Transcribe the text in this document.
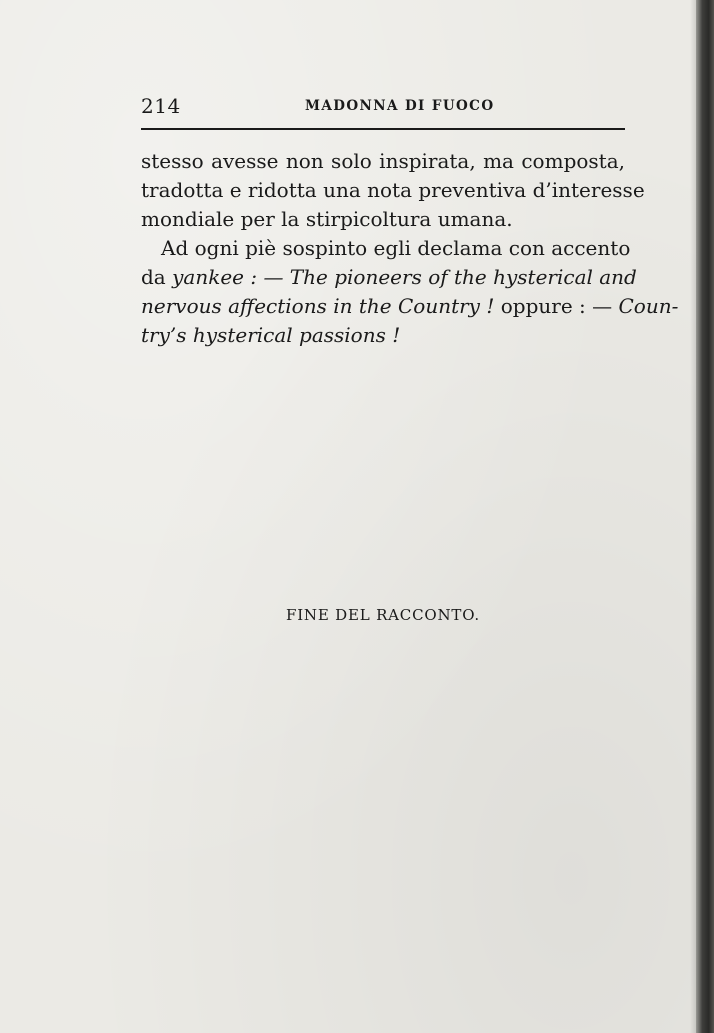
214	MADONNA DI FUOCO
stesso avesse non solo inspirata, ma composta,
tradotta e ridotta una nota preventiva d’interesse
mondiale per la stirpicoltura umana.
Ad ogni piè sospinto egli declama con accento
da yankee : — The pioneers of the hysterical and
nervous affections in the Country ! oppure : — Coun-
try’s hysterical passions !
FINE DEL RACCONTO.
